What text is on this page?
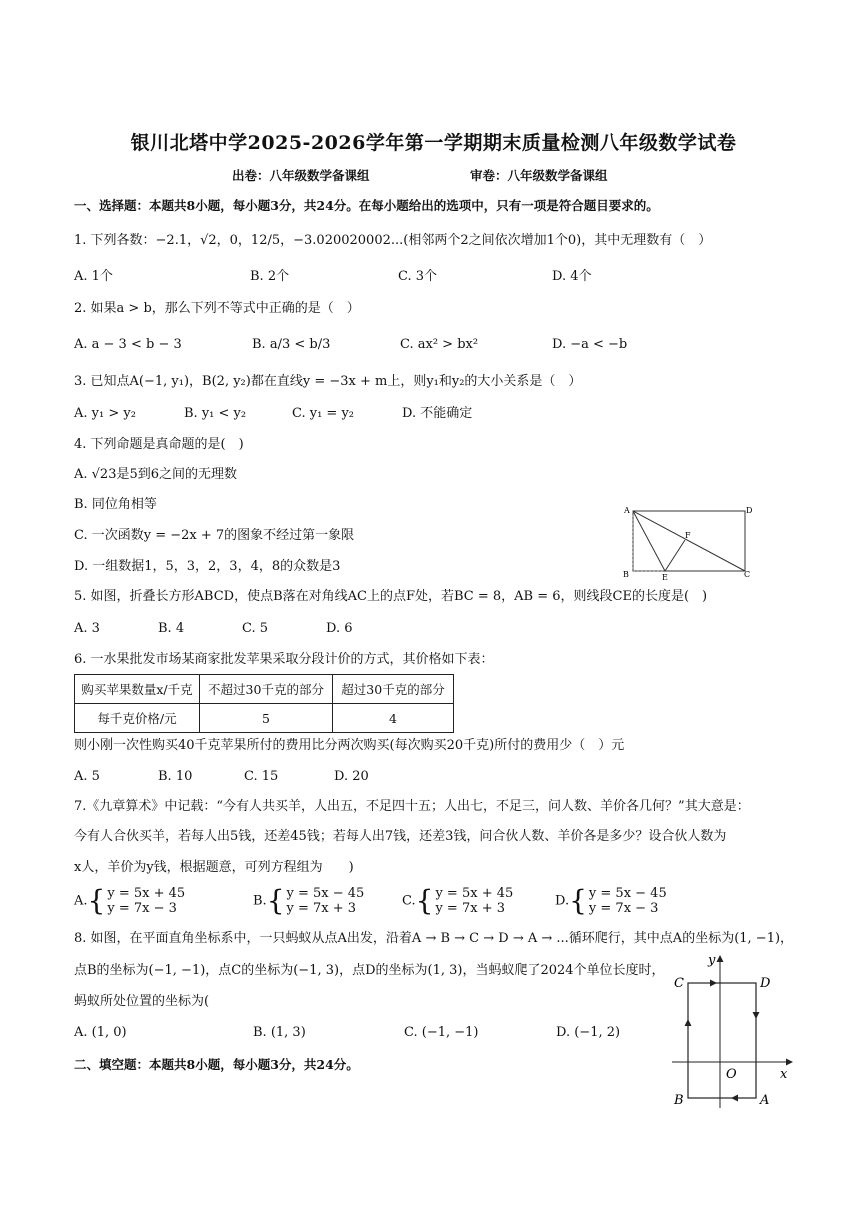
银川北塔中学2025-2026学年第一学期期末质量检测八年级数学试卷
出卷：八年级数学备课组	审卷：八年级数学备课组
一、选择题：本题共8小题，每小题3分，共24分。在每小题给出的选项中，只有一项是符合题目要求的。
1. 下列各数：−2.1，√2，0，12/5，−3.020020002...(相邻两个2之间依次增加1个0)，其中无理数有（　）
A. 1个	B. 2个	C. 3个	D. 4个
2. 如果a > b，那么下列不等式中正确的是（　）
A. a − 3 < b − 3	B. a/3 < b/3	C. ax² > bx²	D. −a < −b
3. 已知点A(−1, y₁)，B(2, y₂)都在直线y = −3x + m上，则y₁和y₂的大小关系是（　）
A. y₁ > y₂	B. y₁ < y₂	C. y₁ = y₂	D. 不能确定
4. 下列命题是真命题的是(　)
A. √23是5到6之间的无理数
B. 同位角相等
C. 一次函数y = −2x + 7的图象不经过第一象限
D. 一组数据1，5，3，2，3，4，8的众数是3
A	D
B	C
E
F
5. 如图，折叠长方形ABCD，使点B落在对角线AC上的点F处，若BC = 8，AB = 6，则线段CE的长度是(　)
A. 3	B. 4	C. 5	D. 6
6. 一水果批发市场某商家批发苹果采取分段计价的方式，其价格如下表：
购买苹果数量x/千克	不超过30千克的部分	超过30千克的部分
每千克价格/元	5	4
则小刚一次性购买40千克苹果所付的费用比分两次购买(每次购买20千克)所付的费用少（　）元
A. 5	B. 10	C. 15	D. 20
7.《九章算术》中记载：“今有人共买羊，人出五，不足四十五；人出七，不足三，问人数、羊价各几何？”其大意是：
今有人合伙买羊，若每人出5钱，还差45钱；若每人出7钱，还差3钱，问合伙人数、羊价各是多少？设合伙人数为
x人，羊价为y钱，根据题意，可列方程组为　　)
A.{ y = 5x + 45
y = 7x − 3	B.{ y = 5x − 45
y = 7x + 3	C.{ y = 5x + 45
y = 7x + 3	D.{ y = 5x − 45
y = 7x − 3
8. 如图，在平面直角坐标系中，一只蚂蚁从点A出发，沿着A → B → C → D → A → ...循环爬行，其中点A的坐标为(1, −1)，
点B的坐标为(−1, −1)，点C的坐标为(−1, 3)，点D的坐标为(1, 3)，当蚂蚁爬了2024个单位长度时，
蚂蚁所处位置的坐标为(
A. (1, 0)	B. (1, 3)	C. (−1, −1)	D. (−1, 2)
C	D
B	A
O	x
y
二、填空题：本题共8小题，每小题3分，共24分。
